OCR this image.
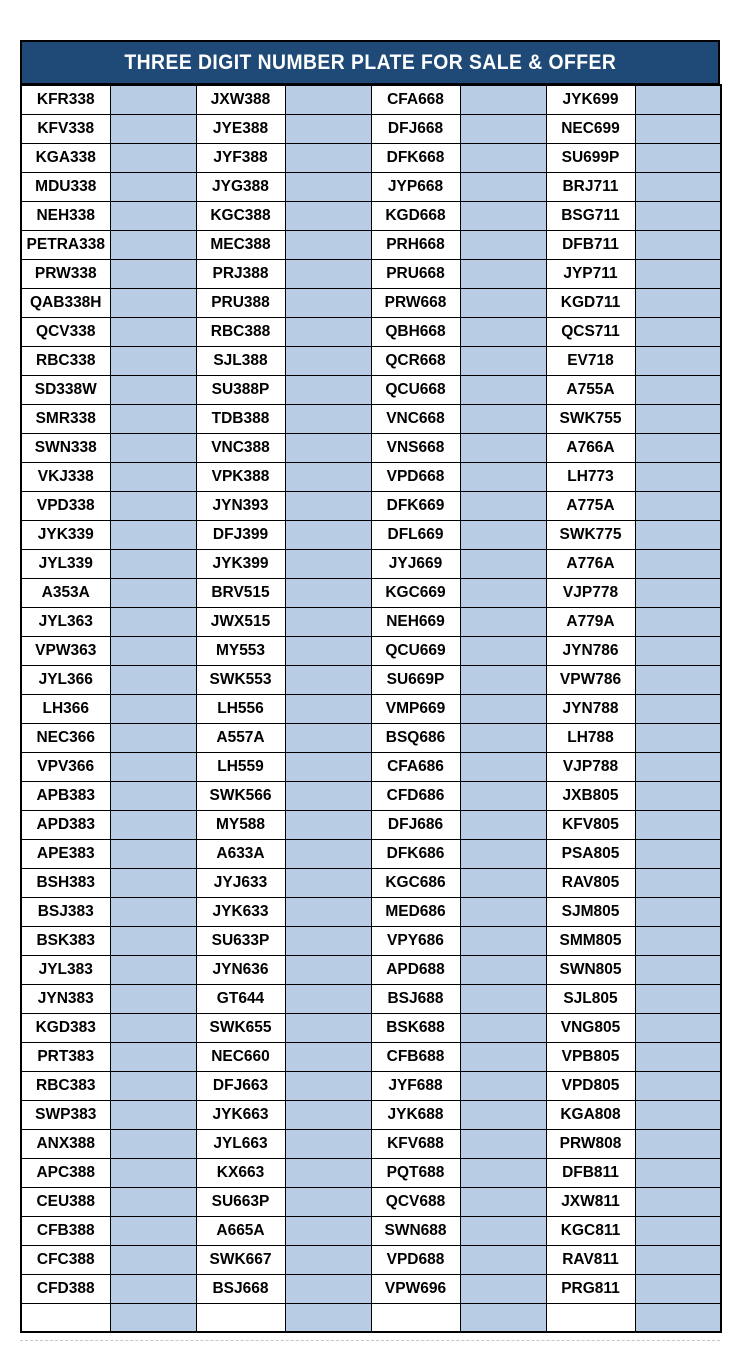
THREE DIGIT NUMBER PLATE FOR SALE & OFFER
KFR338		JXW388		CFA668		JYK699	
KFV338		JYE388		DFJ668		NEC699	
KGA338		JYF388		DFK668		SU699P	
MDU338		JYG388		JYP668		BRJ711	
NEH338		KGC388		KGD668		BSG711	
PETRA338		MEC388		PRH668		DFB711	
PRW338		PRJ388		PRU668		JYP711	
QAB338H		PRU388		PRW668		KGD711	
QCV338		RBC388		QBH668		QCS711	
RBC338		SJL388		QCR668		EV718	
SD338W		SU388P		QCU668		A755A	
SMR338		TDB388		VNC668		SWK755	
SWN338		VNC388		VNS668		A766A	
VKJ338		VPK388		VPD668		LH773	
VPD338		JYN393		DFK669		A775A	
JYK339		DFJ399		DFL669		SWK775	
JYL339		JYK399		JYJ669		A776A	
A353A		BRV515		KGC669		VJP778	
JYL363		JWX515		NEH669		A779A	
VPW363		MY553		QCU669		JYN786	
JYL366		SWK553		SU669P		VPW786	
LH366		LH556		VMP669		JYN788	
NEC366		A557A		BSQ686		LH788	
VPV366		LH559		CFA686		VJP788	
APB383		SWK566		CFD686		JXB805	
APD383		MY588		DFJ686		KFV805	
APE383		A633A		DFK686		PSA805	
BSH383		JYJ633		KGC686		RAV805	
BSJ383		JYK633		MED686		SJM805	
BSK383		SU633P		VPY686		SMM805	
JYL383		JYN636		APD688		SWN805	
JYN383		GT644		BSJ688		SJL805	
KGD383		SWK655		BSK688		VNG805	
PRT383		NEC660		CFB688		VPB805	
RBC383		DFJ663		JYF688		VPD805	
SWP383		JYK663		JYK688		KGA808	
ANX388		JYL663		KFV688		PRW808	
APC388		KX663		PQT688		DFB811	
CEU388		SU663P		QCV688		JXW811	
CFB388		A665A		SWN688		KGC811	
CFC388		SWK667		VPD688		RAV811	
CFD388		BSJ668		VPW696		PRG811	
